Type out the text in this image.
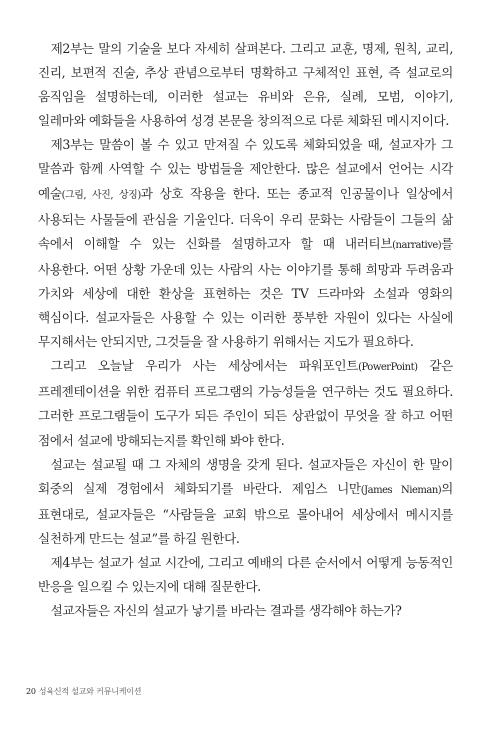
제2부는 말의 기술을 보다 자세히 살펴본다. 그리고 교훈, 명제, 원칙, 교리, 진리, 보편적 진술, 추상 관념으로부터 명확하고 구체적인 표현, 즉 설교로의 움직임을 설명하는데, 이러한 설교는 유비와 은유, 실례, 모범, 이야기, 일레마와 예화들을 사용하여 성경 본문을 창의적으로 다룬 체화된 메시지이다.

제3부는 말씀이 볼 수 있고 만져질 수 있도록 체화되었을 때, 설교자가 그 말씀과 함께 사역할 수 있는 방법들을 제안한다. 많은 설교에서 언어는 시각 예술(그림, 사진, 상징)과 상호 작용을 한다. 또는 종교적 인공물이나 일상에서 사용되는 사물들에 관심을 기울인다. 더욱이 우리 문화는 사람들이 그들의 삶 속에서 이해할 수 있는 신화를 설명하고자 할 때 내러티브(narrative)를 사용한다. 어떤 상황 가운데 있는 사람의 사는 이야기를 통해 희망과 두려움과 가치와 세상에 대한 환상을 표현하는 것은 TV 드라마와 소설과 영화의 핵심이다. 설교자들은 사용할 수 있는 이러한 풍부한 자원이 있다는 사실에 무지해서는 안되지만, 그것들을 잘 사용하기 위해서는 지도가 필요하다.

그리고 오늘날 우리가 사는 세상에서는 파워포인트(PowerPoint) 같은 프레젠테이션을 위한 컴퓨터 프로그램의 가능성들을 연구하는 것도 필요하다. 그러한 프로그램들이 도구가 되든 주인이 되든 상관없이 무엇을 잘 하고 어떤 점에서 설교에 방해되는지를 확인해 봐야 한다.

설교는 설교될 때 그 자체의 생명을 갖게 된다. 설교자들은 자신이 한 말이 회중의 실제 경험에서 체화되기를 바란다. 제임스 니만(James Nieman)의 표현대로, 설교자들은 “사람들을 교회 밖으로 몰아내어 세상에서 메시지를 실천하게 만드는 설교”를 하길 원한다.

제4부는 설교가 설교 시간에, 그리고 예배의 다른 순서에서 어떻게 능동적인 반응을 일으킬 수 있는지에 대해 질문한다.

설교자들은 자신의 설교가 낳기를 바라는 결과를 생각해야 하는가?

20 성육신적 설교와 커뮤니케이션
